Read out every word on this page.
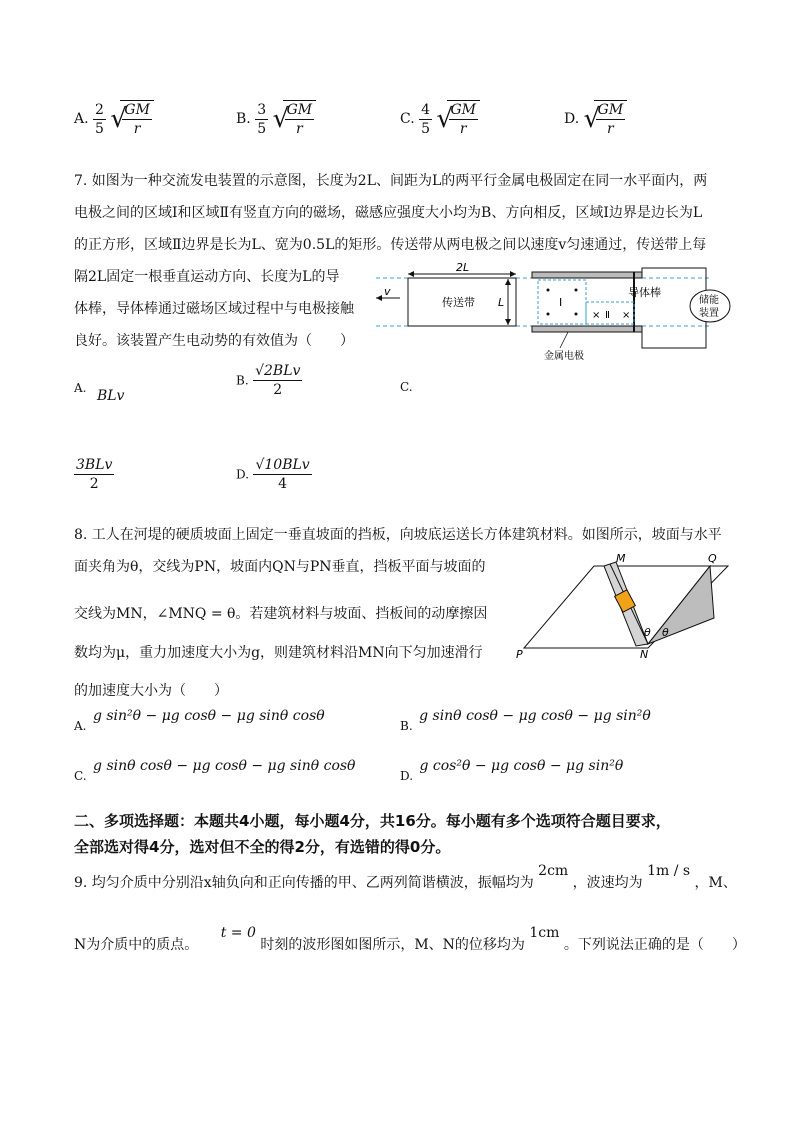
A. $\frac{2}{5}$
√ $\frac{GM}{r}$	B. $\frac{3}{5}$
√ $\frac{GM}{r}$	C. $\frac{4}{5}$
√ $\frac{GM}{r}$	D. √ $\frac{GM}{r}$
7. 如图为一种交流发电装置的示意图，长度为2L、间距为L的两平行金属电极固定在同一水平面内，两
电极之间的区域Ⅰ和区域Ⅱ有竖直方向的磁场，磁感应强度大小均为B、方向相反，区域Ⅰ边界是边长为L
的正方形，区域Ⅱ边界是长为L、宽为0.5L的矩形。传送带从两电极之间以速度v匀速通过，传送带上每
隔2L固定一根垂直运动方向、长度为L的导
体棒，导体棒通过磁场区域过程中与电极接触
良好。该装置产生电动势的有效值为（　　）
2L
v
传送带 L	Ⅰ
× Ⅱ ×
导体棒
储能
装置
金属电极
A. BLv
B. $\frac{\text{√2BLv}}{2}$	C.
$\frac{\text{3BLv}}{2}$	D. $\frac{\text{√10BLv}}{4}$
8. 工人在河堤的硬质坡面上固定一垂直坡面的挡板，向坡底运送长方体建筑材料。如图所示，坡面与水平
面夹角为θ，交线为PN，坡面内QN与PN垂直，挡板平面与坡面的
交线为MN，∠MNQ = θ。若建筑材料与坡面、挡板间的动摩擦因
数均为μ，重力加速度大小为g，则建筑材料沿MN向下匀加速滑行
的加速度大小为（　　）
M	Q
P	N
θ θ
A. g sin²θ − μg cosθ − μg sinθ cosθ
B. g sinθ cosθ − μg cosθ − μg sin²θ
C. g sinθ cosθ − μg cosθ − μg sinθ cosθ
D. g cos²θ − μg cosθ − μg sin²θ
二、多项选择题：本题共4小题，每小题4分，共16分。每小题有多个选项符合题目要求，
全部选对得4分，选对但不全的得2分，有选错的得0分。
9. 均匀介质中分别沿x轴负向和正向传播的甲、乙两列简谐横波，振幅均为 2cm ，波速均为 1m / s ，M、
N为介质中的质点。 t = 0 时刻的波形图如图所示，M、N的位移均为 1cm 。下列说法正确的是（　　）
